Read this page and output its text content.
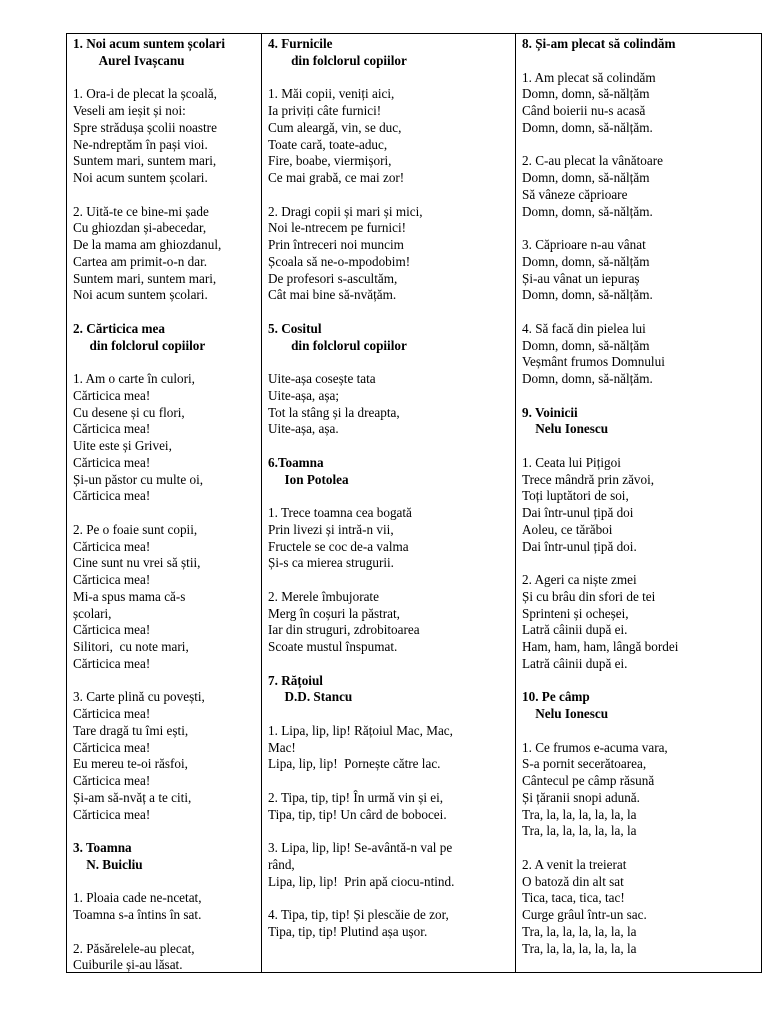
1. Noi acum suntem școlari
Aurel Ivașcanu
1. Ora-i de plecat la școală,
Veseli am ieșit și noi:
Spre strădușa școlii noastre
Ne-ndreptăm în pași vioi.
Suntem mari, suntem mari,
Noi acum suntem școlari.
2. Uită-te ce bine-mi șade
Cu ghiozdan și-abecedar,
De la mama am ghiozdanul,
Cartea am primit-o-n dar.
Suntem mari, suntem mari,
Noi acum suntem școlari.
2. Cărticica mea
din folclorul copiilor
1. Am o carte în culori,
Cărticica mea!
Cu desene și cu flori,
Cărticica mea!
Uite este și Grivei,
Cărticica mea!
Și-un păstor cu multe oi,
Cărticica mea!
2. Pe o foaie sunt copii,
Cărticica mea!
Cine sunt nu vrei să știi,
Cărticica mea!
Mi-a spus mama că-s
școlari,
Cărticica mea!
Silitori,  cu note mari,
Cărticica mea!
3. Carte plină cu povești,
Cărticica mea!
Tare dragă tu îmi ești,
Cărticica mea!
Eu mereu te-oi răsfoi,
Cărticica mea!
Și-am să-nvăț a te citi,
Cărticica mea!
3. Toamna
N. Buicliu
1. Ploaia cade ne-ncetat,
Toamna s-a întins în sat.
2. Păsărelele-au plecat,
Cuiburile și-au lăsat.
4. Furnicile
din folclorul copiilor
1. Măi copii, veniți aici,
Ia priviți câte furnici!
Cum aleargă, vin, se duc,
Toate cară, toate-aduc,
Fire, boabe, viermișori,
Ce mai grabă, ce mai zor!
2. Dragi copii și mari și mici,
Noi le-ntrecem pe furnici!
Prin întreceri noi muncim
Școala să ne-o-mpodobim!
De profesori s-ascultăm,
Cât mai bine să-nvățăm.
5. Cositul
din folclorul copiilor
Uite-așa cosește tata
Uite-așa, așa;
Tot la stâng și la dreapta,
Uite-așa, așa.
6.Toamna
Ion Potolea
1. Trece toamna cea bogată
Prin livezi și intră-n vii,
Fructele se coc de-a valma
Și-s ca mierea strugurii.
2. Merele îmbujorate
Merg în coșuri la păstrat,
Iar din struguri, zdrobitoarea
Scoate mustul înspumat.
7. Rățoiul
D.D. Stancu
1. Lipa, lip, lip! Rățoiul Mac, Mac,
Mac!
Lipa, lip, lip!  Pornește către lac.
2. Tipa, tip, tip! În urmă vin și ei,
Tipa, tip, tip! Un cârd de bobocei.
3. Lipa, lip, lip! Se-avântă-n val pe
rând,
Lipa, lip, lip!  Prin apă ciocu-ntind.
4. Tipa, tip, tip! Și plescăie de zor,
Tipa, tip, tip! Plutind așa ușor.
8. Și-am plecat să colindăm
1. Am plecat să colindăm
Domn, domn, să-nălțăm
Când boierii nu-s acasă
Domn, domn, să-nălțăm.
2. C-au plecat la vânătoare
Domn, domn, să-nălțăm
Să vâneze căprioare
Domn, domn, să-nălțăm.
3. Căprioare n-au vânat
Domn, domn, să-nălțăm
Și-au vânat un iepuraș
Domn, domn, să-nălțăm.
4. Să facă din pielea lui
Domn, domn, să-nălțăm
Veșmânt frumos Domnului
Domn, domn, să-nălțăm.
9. Voinicii
Nelu Ionescu
1. Ceata lui Pițigoi
Trece mândră prin zăvoi,
Toți luptători de soi,
Dai într-unul țipă doi
Aoleu, ce tărăboi
Dai într-unul țipă doi.
2. Ageri ca niște zmei
Și cu brâu din sfori de tei
Sprinteni și ocheșei,
Latră câinii după ei.
Ham, ham, ham, lângă bordei
Latră câinii după ei.
10. Pe câmp
Nelu Ionescu
1. Ce frumos e-acuma vara,
S-a pornit secerătoarea,
Cântecul pe câmp răsună
Și țăranii snopi adună.
Tra, la, la, la, la, la, la
Tra, la, la, la, la, la, la
2. A venit la treierat
O batoză din alt sat
Tica, taca, tica, tac!
Curge grâul într-un sac.
Tra, la, la, la, la, la, la
Tra, la, la, la, la, la, la
